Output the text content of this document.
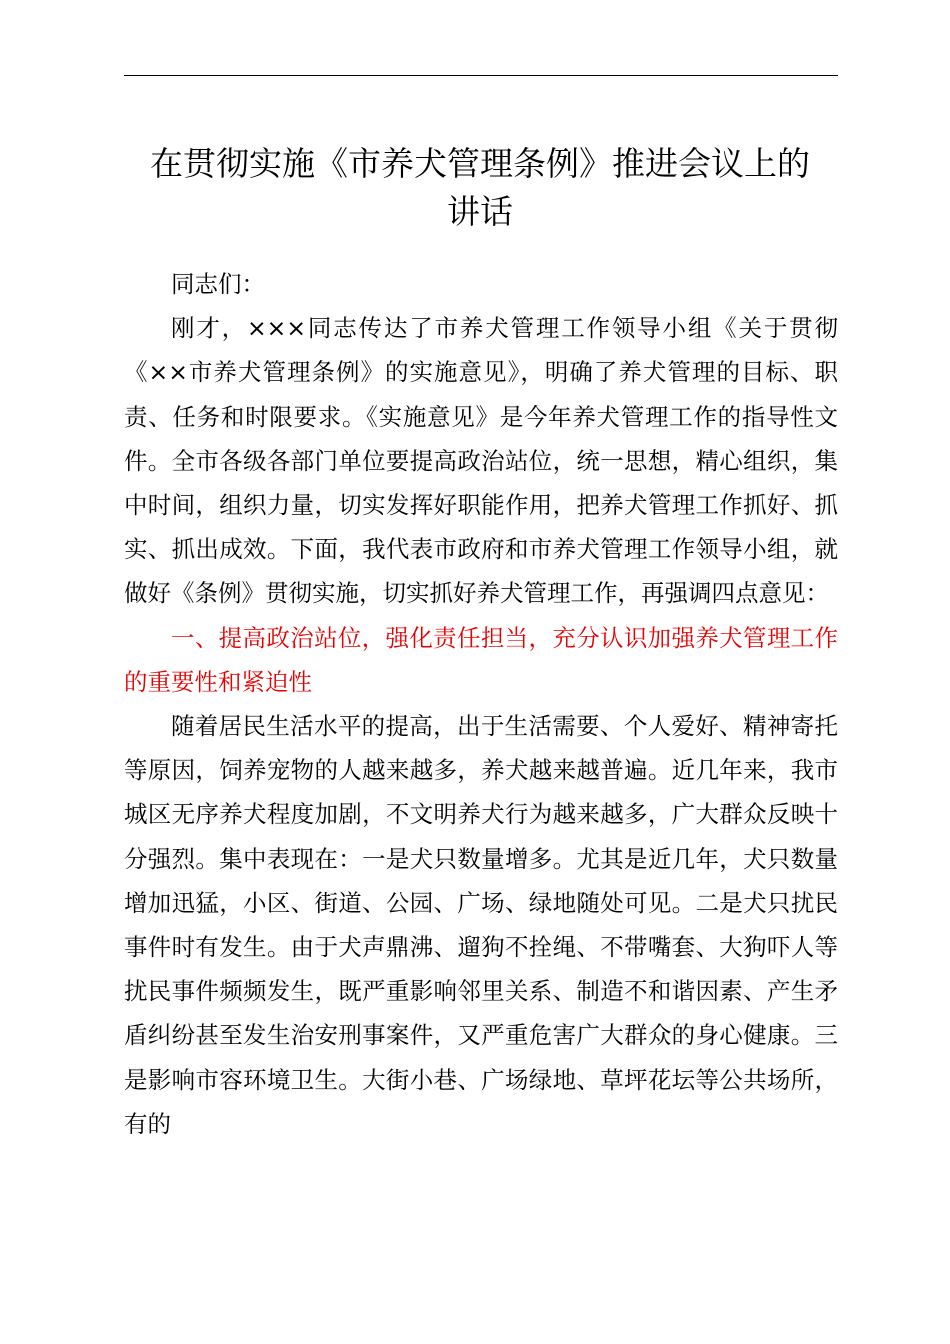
在贯彻实施《市养犬管理条例》推进会议上的
讲话

同志们：

刚才，×××同志传达了市养犬管理工作领导小组《关于贯彻《××市养犬管理条例》的实施意见》，明确了养犬管理的目标、职责、任务和时限要求。《实施意见》是今年养犬管理工作的指导性文件。全市各级各部门单位要提高政治站位，统一思想，精心组织，集中时间，组织力量，切实发挥好职能作用，把养犬管理工作抓好、抓实、抓出成效。下面，我代表市政府和市养犬管理工作领导小组，就做好《条例》贯彻实施，切实抓好养犬管理工作，再强调四点意见：

一、提高政治站位，强化责任担当，充分认识加强养犬管理工作的重要性和紧迫性

随着居民生活水平的提高，出于生活需要、个人爱好、精神寄托等原因，饲养宠物的人越来越多，养犬越来越普遍。近几年来，我市城区无序养犬程度加剧，不文明养犬行为越来越多，广大群众反映十分强烈。集中表现在：一是犬只数量增多。尤其是近几年，犬只数量增加迅猛，小区、街道、公园、广场、绿地随处可见。二是犬只扰民事件时有发生。由于犬声鼎沸、遛狗不拴绳、不带嘴套、大狗吓人等扰民事件频频发生，既严重影响邻里关系、制造不和谐因素、产生矛盾纠纷甚至发生治安刑事案件，又严重危害广大群众的身心健康。三是影响市容环境卫生。大街小巷、广场绿地、草坪花坛等公共场所，有的
